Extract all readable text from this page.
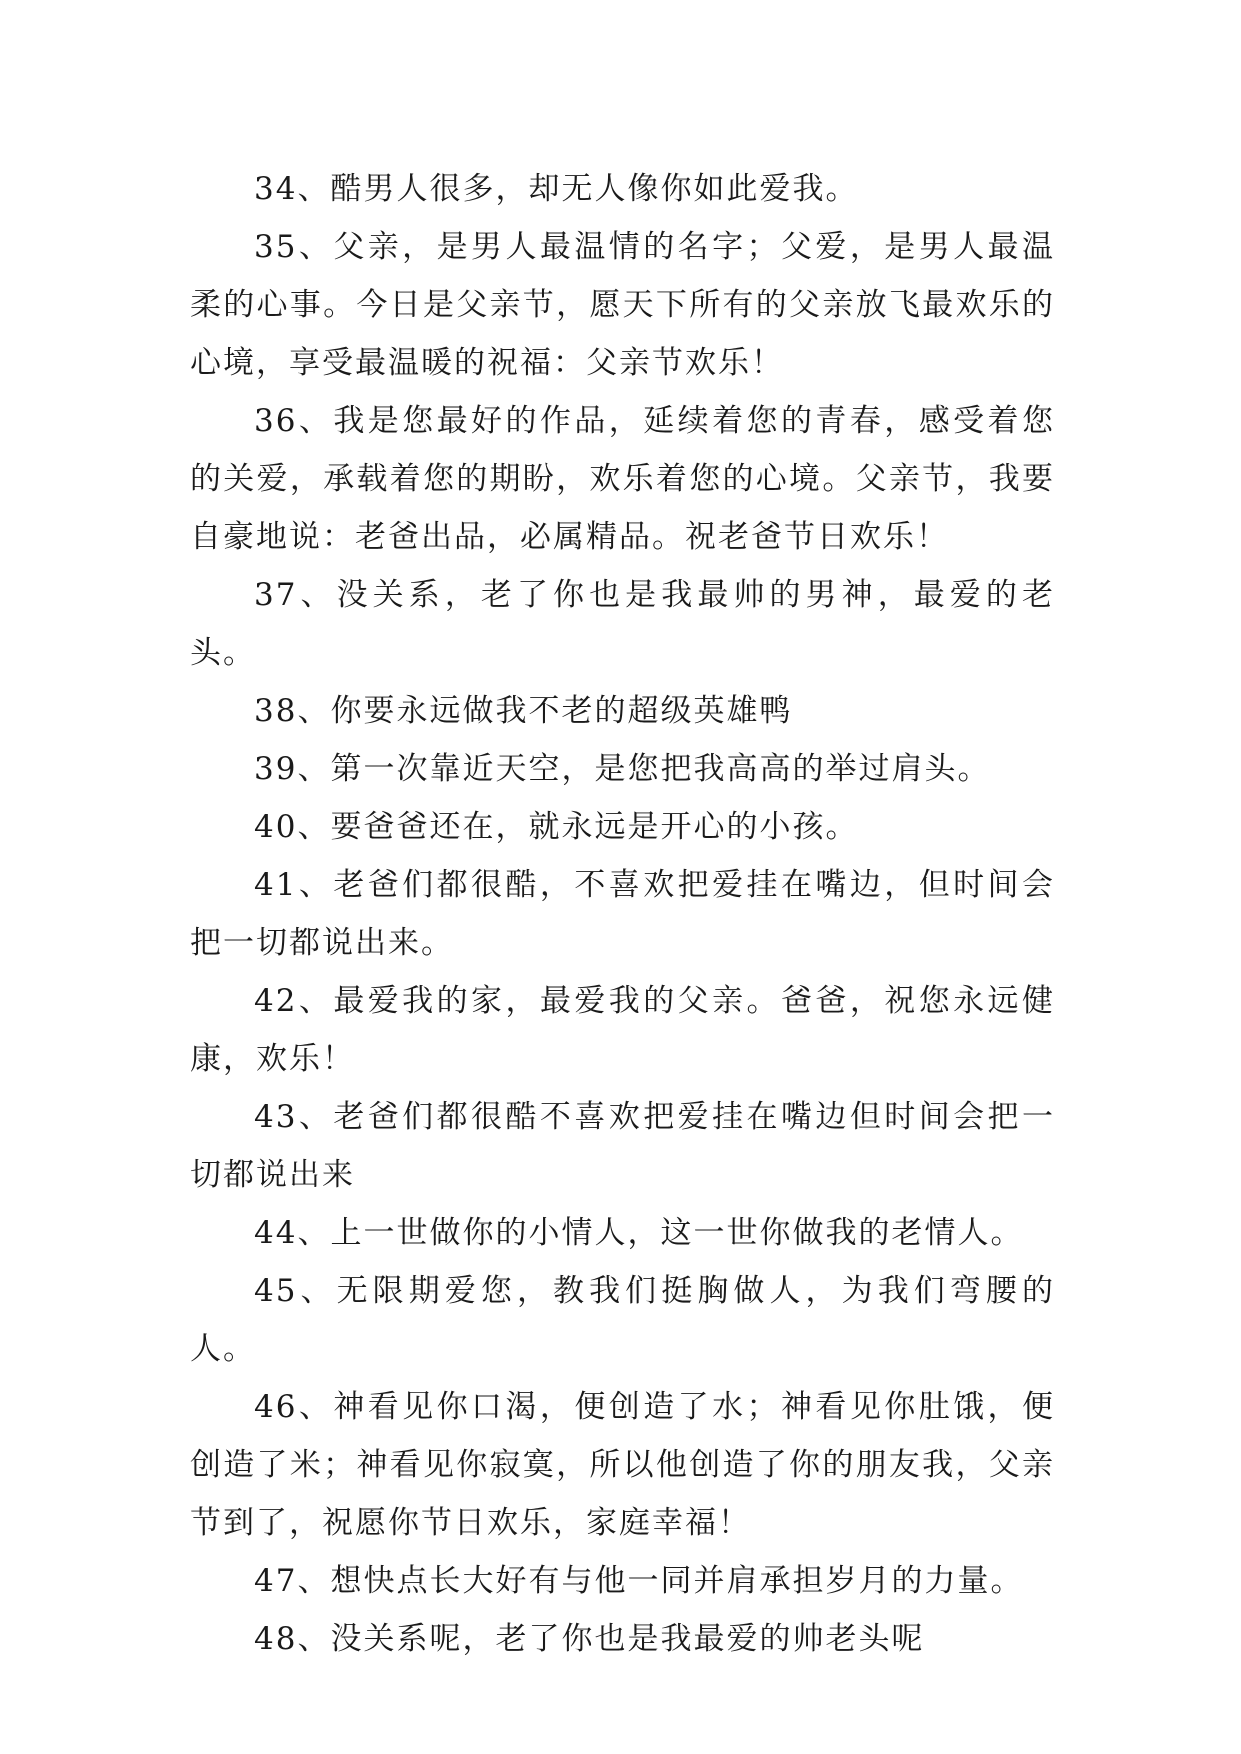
34、酷男人很多，却无人像你如此爱我。

35、父亲，是男人最温情的名字；父爱，是男人最温柔的心事。今日是父亲节，愿天下所有的父亲放飞最欢乐的心境，享受最温暖的祝福：父亲节欢乐！

36、我是您最好的作品，延续着您的青春，感受着您的关爱，承载着您的期盼，欢乐着您的心境。父亲节，我要自豪地说：老爸出品，必属精品。祝老爸节日欢乐！

37、没关系，老了你也是我最帅的男神，最爱的老头。

38、你要永远做我不老的超级英雄鸭

39、第一次靠近天空，是您把我高高的举过肩头。

40、要爸爸还在，就永远是开心的小孩。

41、老爸们都很酷，不喜欢把爱挂在嘴边，但时间会把一切都说出来。

42、最爱我的家，最爱我的父亲。爸爸，祝您永远健康，欢乐！

43、老爸们都很酷不喜欢把爱挂在嘴边但时间会把一切都说出来

44、上一世做你的小情人，这一世你做我的老情人。

45、无限期爱您，教我们挺胸做人，为我们弯腰的人。

46、神看见你口渴，便创造了水；神看见你肚饿，便创造了米；神看见你寂寞，所以他创造了你的朋友我，父亲节到了，祝愿你节日欢乐，家庭幸福！

47、想快点长大好有与他一同并肩承担岁月的力量。

48、没关系呢，老了你也是我最爱的帅老头呢
